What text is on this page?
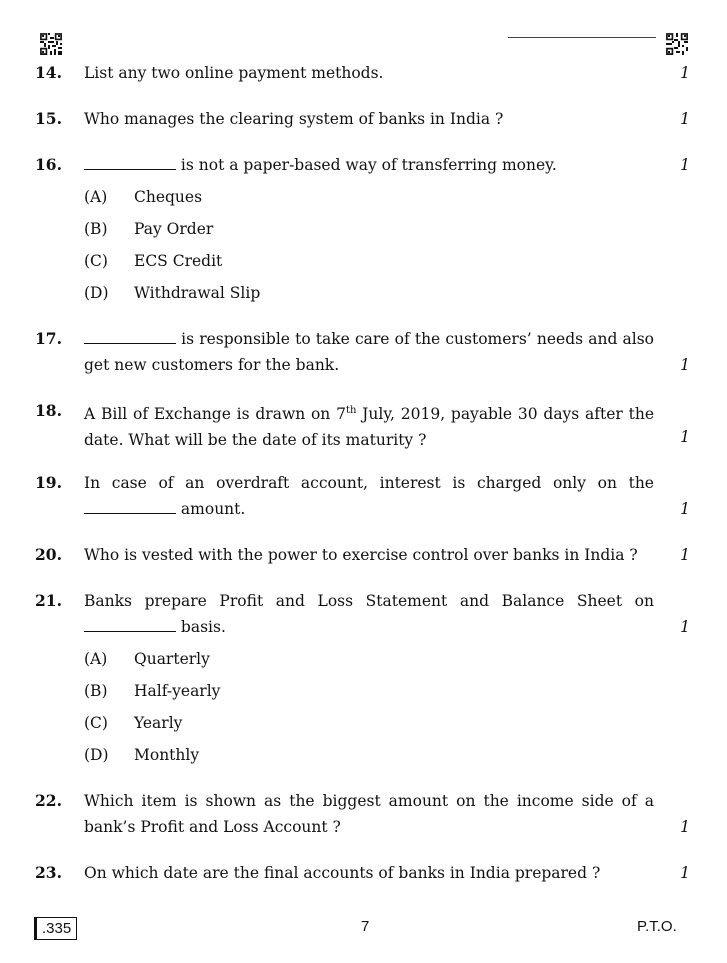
14. List any two online payment methods.	1
15. Who manages the clearing system of banks in India ?	1
16.	is not a paper-based way of transferring money.	1
(A) Cheques
(B) Pay Order
(C) ECS Credit
(D) Withdrawal Slip
17.	is responsible to take care of the customers’ needs and also
get new customers for the bank.	1
18. A Bill of Exchange is drawn on 7th July, 2019, payable 30 days after the
date. What will be the date of its maturity ?	1
19. In case of an overdraft account, interest is charged only on the
amount.	1
20. Who is vested with the power to exercise control over banks in India ?	1
21. Banks prepare Profit and Loss Statement and Balance Sheet on
basis.	1
(A) Quarterly
(B) Half-yearly
(C) Yearly
(D) Monthly
22. Which item is shown as the biggest amount on the income side of a
bank’s Profit and Loss Account ?	1
23. On which date are the final accounts of banks in India prepared ?	1
.335	7	P.T.O.
